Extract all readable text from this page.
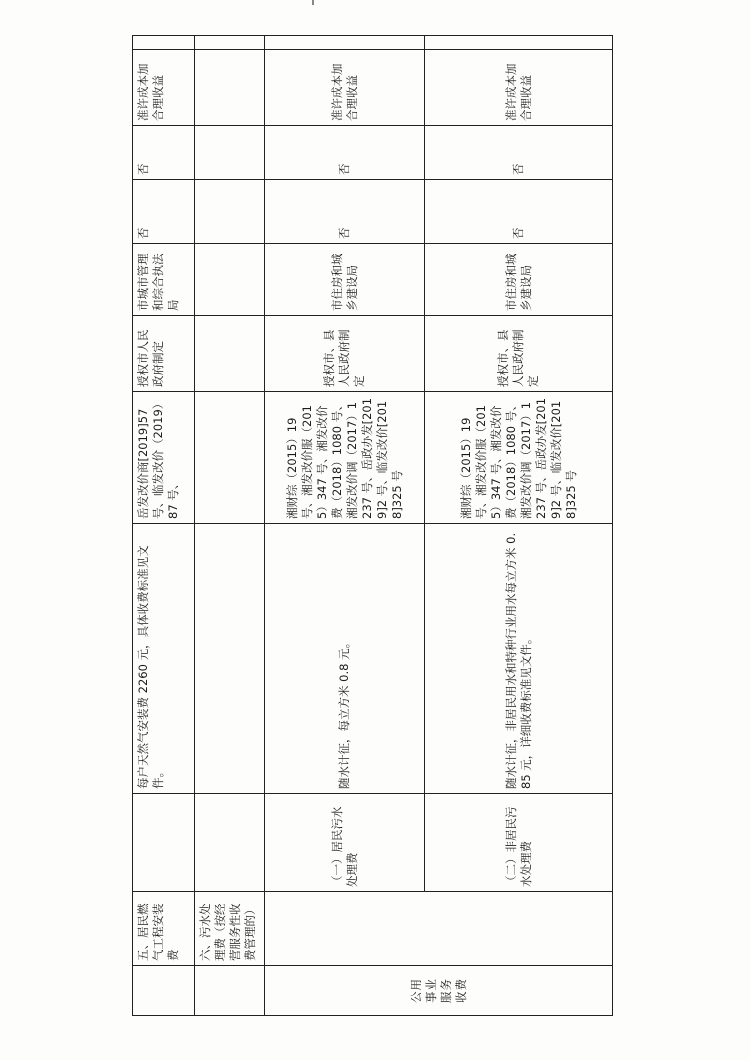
	五、居民燃气工程安装费		每户天然气安装费 2260 元，具体收费标准见文件。	岳发改价商[2019]57 号、临发改价（2019）87 号、	授权市人民政府制定	市城市管理和综合执法局	否	否	准许成本加合理收益	
	六、污水处理费（按经营服务性收费管理的）									

公用 事业 服务 收费		（一）居民污水处理费	随水计征，每立方米 0.8 元。	湘财综（2015）19 号、湘发改价服（2015）347 号、湘发改价费（2018）1080 号、湘发改价调（2017）1237 号、岳政办发[2019]2 号、临发改价[2018]325 号	授权市、县人民政府制定	市住房和城乡建设局	否	否	准许成本加合理收益	
		（二）非居民污水处理费	随水计征，非居民用水和特种行业用水每立方米 0.85 元，详细收费标准见文件。	湘财综（2015）19 号、湘发改价服（2015）347 号、湘发改价费（2018）1080 号、湘发改价调（2017）1237 号、岳政办发[2019]2 号、临发改价[2018]325 号	授权市、县人民政府制定	市住房和城乡建设局	否	否	准许成本加合理收益	
